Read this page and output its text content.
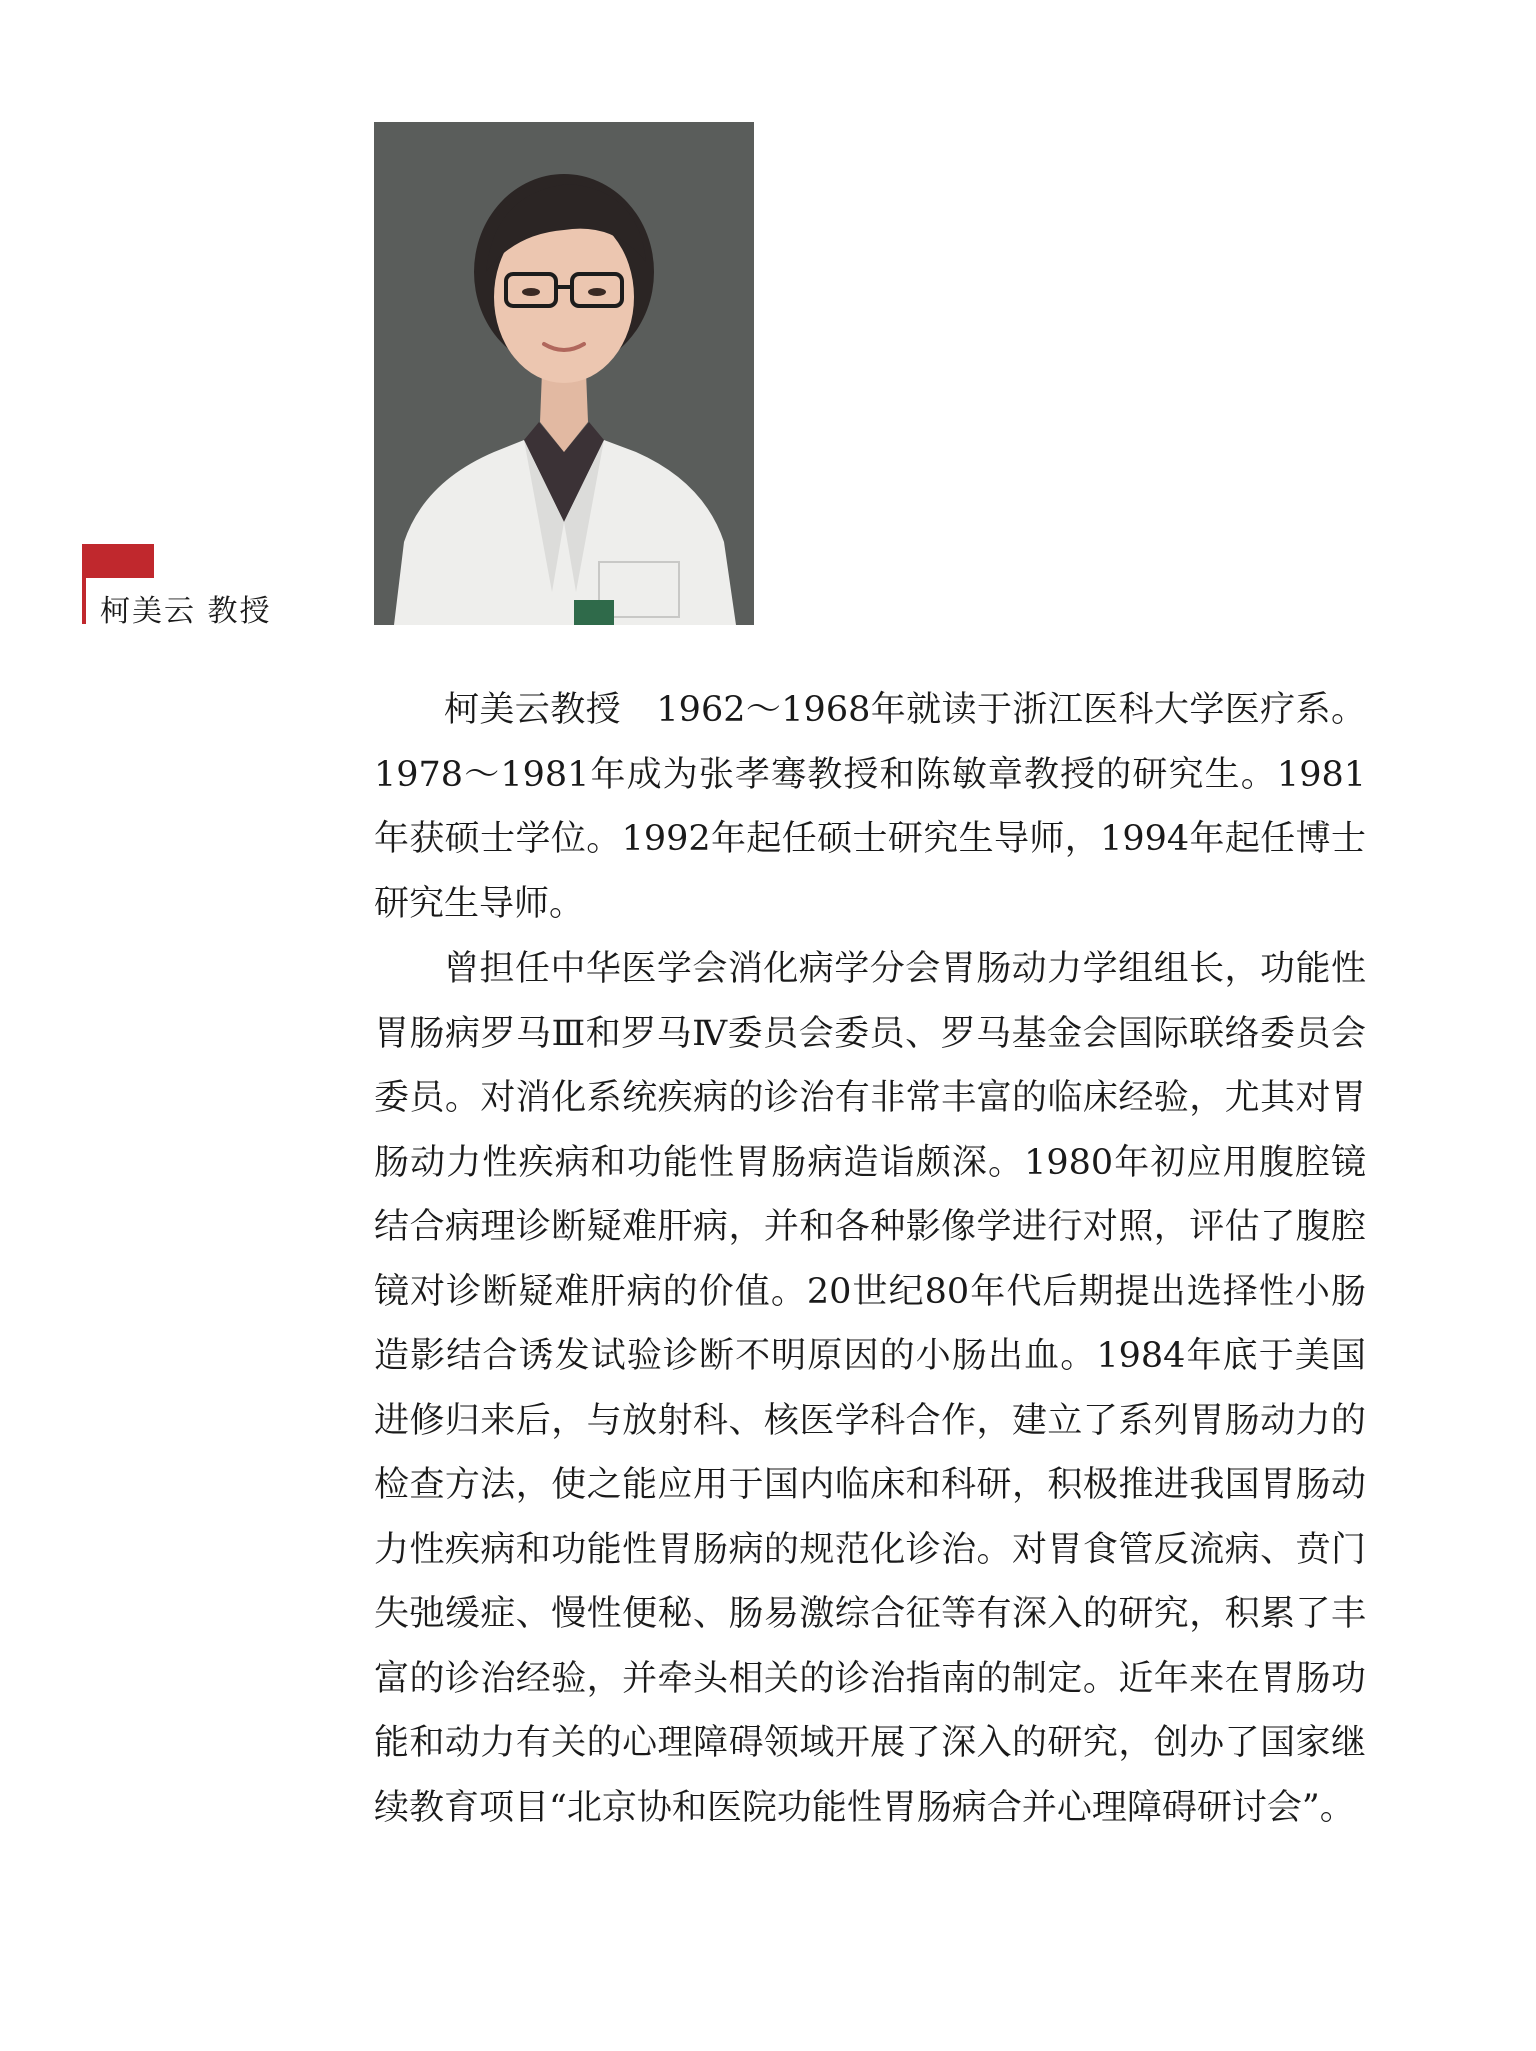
柯美云 教授

柯美云教授　1962～1968年就读于浙江医科大学医疗系。1978～1981年成为张孝骞教授和陈敏章教授的研究生。1981年获硕士学位。1992年起任硕士研究生导师，1994年起任博士研究生导师。

曾担任中华医学会消化病学分会胃肠动力学组组长，功能性胃肠病罗马Ⅲ和罗马Ⅳ委员会委员、罗马基金会国际联络委员会委员。对消化系统疾病的诊治有非常丰富的临床经验，尤其对胃肠动力性疾病和功能性胃肠病造诣颇深。1980年初应用腹腔镜结合病理诊断疑难肝病，并和各种影像学进行对照，评估了腹腔镜对诊断疑难肝病的价值。20世纪80年代后期提出选择性小肠造影结合诱发试验诊断不明原因的小肠出血。1984年底于美国进修归来后，与放射科、核医学科合作，建立了系列胃肠动力的检查方法，使之能应用于国内临床和科研，积极推进我国胃肠动力性疾病和功能性胃肠病的规范化诊治。对胃食管反流病、贲门失弛缓症、慢性便秘、肠易激综合征等有深入的研究，积累了丰富的诊治经验，并牵头相关的诊治指南的制定。近年来在胃肠功能和动力有关的心理障碍领域开展了深入的研究，创办了国家继续教育项目“北京协和医院功能性胃肠病合并心理障碍研讨会”。
